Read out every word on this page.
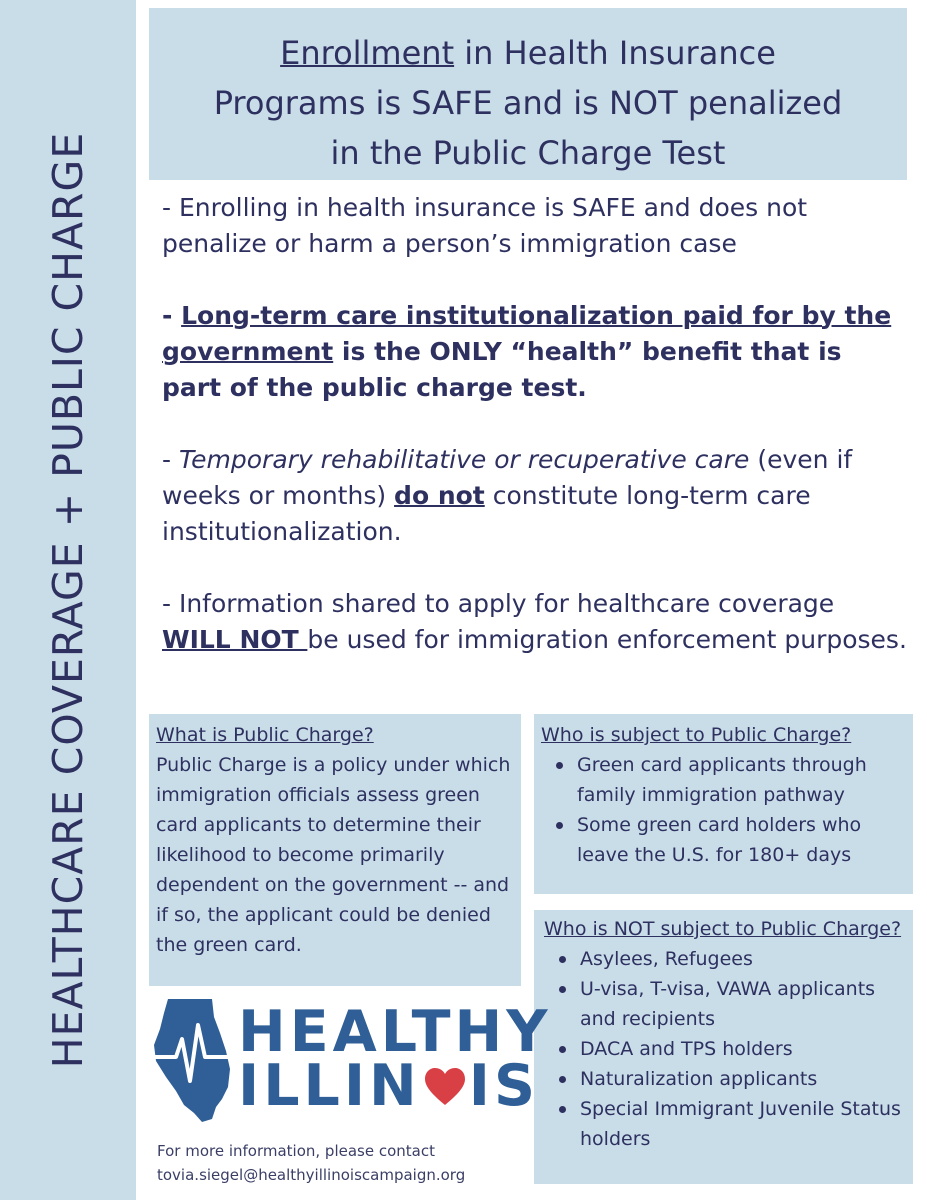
HEALTHCARE COVERAGE + PUBLIC CHARGE
Enrollment in Health Insurance
Programs is SAFE and is NOT penalized
in the Public Charge Test

- Enrolling in health insurance is SAFE and does not penalize or harm a person’s immigration case

- Long-term care institutionalization paid for by the government is the ONLY “health” benefit that is part of the public charge test.

- Temporary rehabilitative or recuperative care (even if weeks or months) do not constitute long-term care institutionalization.

- Information shared to apply for healthcare coverage
WILL NOT be used for immigration enforcement purposes.

What is Public Charge?
Public Charge is a policy under which immigration officials assess green card applicants to determine their likelihood to become primarily dependent on the government -- and if so, the applicant could be denied the green card.
Who is subject to Public Charge?
Green card applicants through family immigration pathway
Some green card holders who leave the U.S. for 180+ days
Who is NOT subject to Public Charge?
Asylees, Refugees
U-visa, T-visa, VAWA applicants and recipients
DACA and TPS holders
Naturalization applicants
Special Immigrant Juvenile Status holders
HEALTHY
ILLIN IS
For more information, please contact
tovia.siegel@healthyillinoiscampaign.org
